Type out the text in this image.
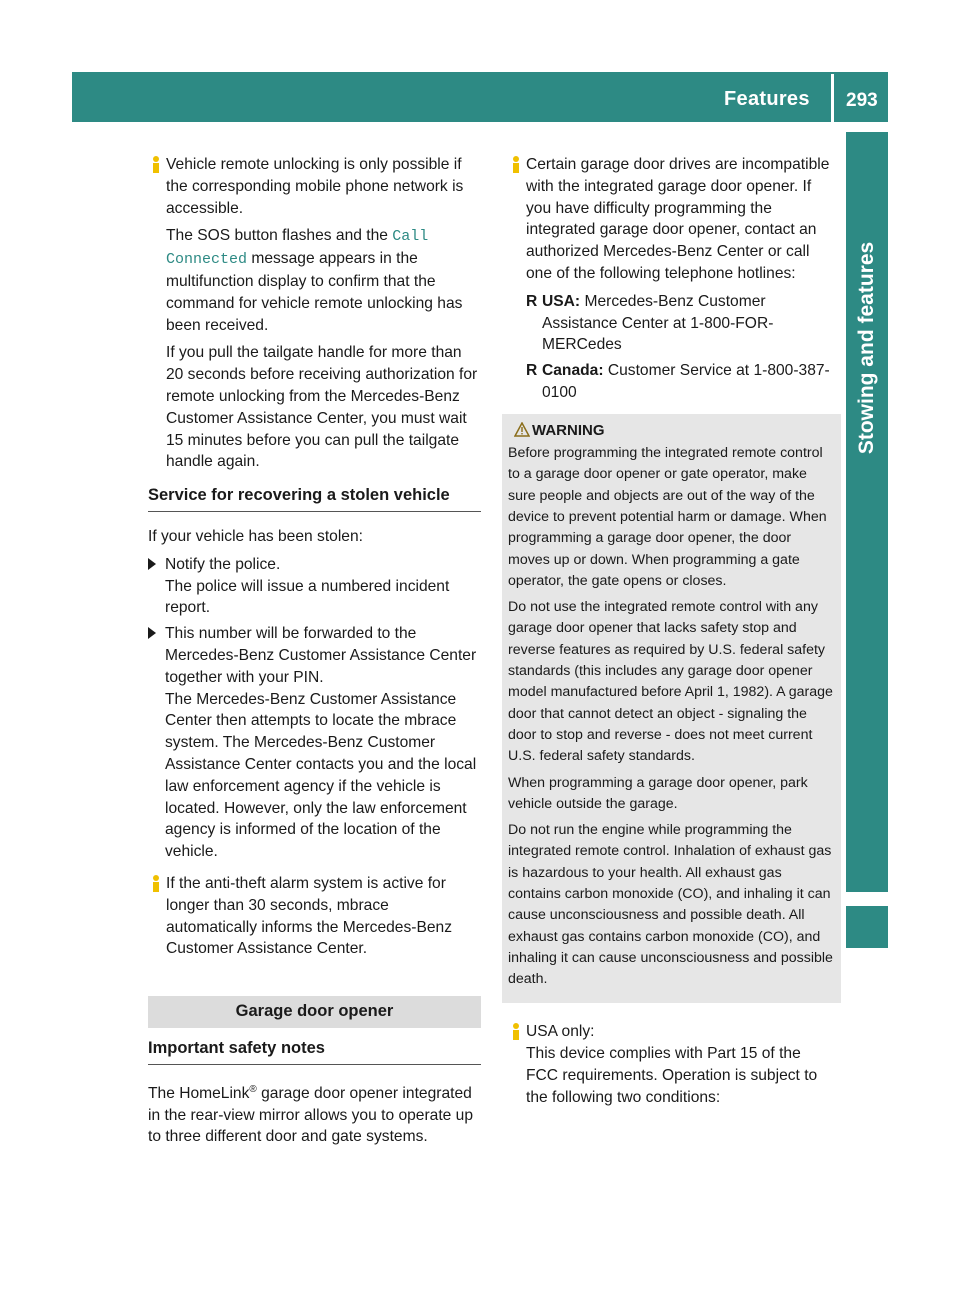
Features 293
Stowing and features

Vehicle remote unlocking is only possible if the corresponding mobile phone network is accessible.

The SOS button flashes and the Call Connected message appears in the multifunction display to confirm that the command for vehicle remote unlocking has been received.

If you pull the tailgate handle for more than 20 seconds before receiving authorization for remote unlocking from the Mercedes-Benz Customer Assistance Center, you must wait 15 minutes before you can pull the tailgate handle again.

Service for recovering a stolen vehicle

If your vehicle has been stolen:

Notify the police.
The police will issue a numbered incident report.
This number will be forwarded to the Mercedes-Benz Customer Assistance Center together with your PIN.
The Mercedes-Benz Customer Assistance Center then attempts to locate the mbrace system. The Mercedes-Benz Customer Assistance Center contacts you and the local law enforcement agency if the vehicle is located. However, only the law enforcement agency is informed of the location of the vehicle.

If the anti-theft alarm system is active for longer than 30 seconds, mbrace automatically informs the Mercedes-Benz Customer Assistance Center.

Garage door opener
Important safety notes

The HomeLink® garage door opener integrated in the rear-view mirror allows you to operate up to three different door and gate systems.

Certain garage door drives are incompatible with the integrated garage door opener. If you have difficulty programming the integrated garage door opener, contact an authorized Mercedes-Benz Center or call one of the following telephone hotlines:

R USA: Mercedes-Benz Customer Assistance Center at 1-800-FOR-MERCedes
R Canada: Customer Service at 1-800-387-0100
WARNING

Before programming the integrated remote control to a garage door opener or gate operator, make sure people and objects are out of the way of the device to prevent potential harm or damage. When programming a garage door opener, the door moves up or down. When programming a gate operator, the gate opens or closes.

Do not use the integrated remote control with any garage door opener that lacks safety stop and reverse features as required by U.S. federal safety standards (this includes any garage door opener model manufactured before April 1, 1982). A garage door that cannot detect an object - signaling the door to stop and reverse - does not meet current U.S. federal safety standards.

When programming a garage door opener, park vehicle outside the garage.

Do not run the engine while programming the integrated remote control. Inhalation of exhaust gas is hazardous to your health. All exhaust gas contains carbon monoxide (CO), and inhaling it can cause unconsciousness and possible death. All exhaust gas contains carbon monoxide (CO), and inhaling it can cause unconsciousness and possible death.

USA only:

This device complies with Part 15 of the FCC requirements. Operation is subject to the following two conditions:
